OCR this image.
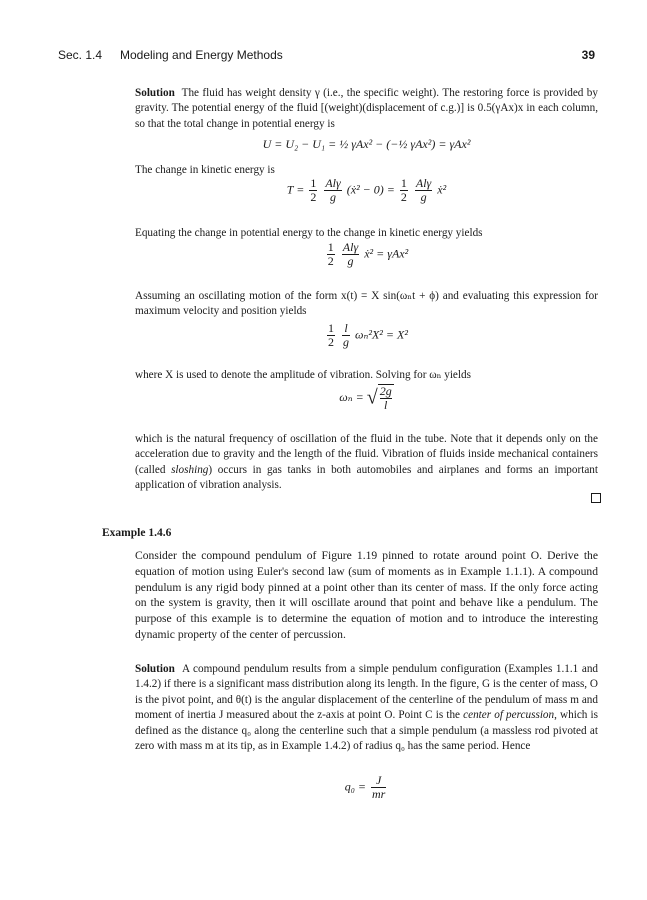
Sec. 1.4 Modeling and Energy Methods	39

Solution The fluid has weight density γ (i.e., the specific weight). The restoring force is provided by gravity. The potential energy of the fluid [(weight)(displacement of c.g.)] is 0.5(γAx)x in each column, so that the total change in potential energy is

U = U₂ − U₁ = ½ γAx² − (−½ γAx²) = γAx²

The change in kinetic energy is

$T = \frac{1}{2}$
$\frac{\text{Alγ}}{g}$ (ẋ² − $0) = \frac{1}{2}$
$\frac{\text{Alγ}}{g}$ ẋ²

Equating the change in potential energy to the change in kinetic energy yields

$\frac{1}{2}$
$\frac{\text{Alγ}}{g}$ ẋ² = γAx²

Assuming an oscillating motion of the form x(t) = X sin(ωₙt + ϕ) and evaluating this expression for maximum velocity and position yields

$\frac{1}{2}$
$\frac{l}{g} \omega_n^2X^2 = X^2$

where X is used to denote the amplitude of vibration. Solving for ωₙ yields

ωₙ = √ $\frac{2g}{l}$

which is the natural frequency of oscillation of the fluid in the tube. Note that it depends only on the acceleration due to gravity and the length of the fluid. Vibration of fluids inside mechanical containers (called sloshing) occurs in gas tanks in both automobiles and airplanes and forms an important application of vibration analysis.

Example 1.4.6

Consider the compound pendulum of Figure 1.19 pinned to rotate around point O. Derive the equation of motion using Euler's second law (sum of moments as in Example 1.1.1). A compound pendulum is any rigid body pinned at a point other than its center of mass. If the only force acting on the system is gravity, then it will oscillate around that point and behave like a pendulum. The purpose of this example is to determine the equation of motion and to introduce the interesting dynamic property of the center of percussion.

Solution A compound pendulum results from a simple pendulum configuration (Examples 1.1.1 and 1.4.2) if there is a significant mass distribution along its length. In the figure, G is the center of mass, O is the pivot point, and θ(t) is the angular displacement of the centerline of the pendulum of mass m and moment of inertia J measured about the z-axis at point O. Point C is the center of percussion, which is defined as the distance q₀ along the centerline such that a simple pendulum (a massless rod pivoted at zero with mass m at its tip, as in Example 1.4.2) of radius q₀ has the same period. Hence

$q_0 = \frac{J}{mr}$
